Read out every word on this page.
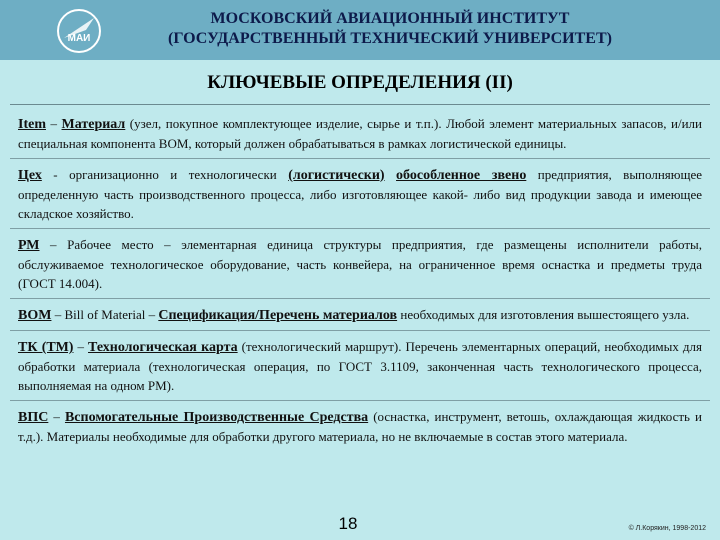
МАИ
МОСКОВСКИЙ АВИАЦИОННЫЙ ИНСТИТУТ
(ГОСУДАРСТВЕННЫЙ ТЕХНИЧЕСКИЙ УНИВЕРСИТЕТ)
КЛЮЧЕВЫЕ ОПРЕДЕЛЕНИЯ (II)
Item – Материал (узел, покупное комплектующее изделие, сырье и т.п.). Любой элемент материальных запасов, и/или специальная компонента BOM, который должен обрабатываться в рамках логистической единицы.
Цех - организационно и технологически (логистически) обособленное звено предприятия, выполняющее определенную часть производственного процесса, либо изготовляющее какой- либо вид продукции завода и имеющее складское хозяйство.
РМ – Рабочее место – элементарная единица структуры предприятия, где размещены исполнители работы, обслуживаемое технологическое оборудование, часть конвейера, на ограниченное время оснастка и предметы труда (ГОСТ 14.004).
BOM – Bill of Material – Спецификация/Перечень материалов необходимых для изготовления вышестоящего узла.
ТК (ТМ) – Технологическая карта (технологический маршрут). Перечень элементарных операций, необходимых для обработки материала (технологическая операция, по ГОСТ 3.1109, законченная часть технологического процесса, выполняемая на одном РМ).
ВПС – Вспомогательные Производственные Средства (оснастка, инструмент, ветошь, охлаждающая жидкость и т.д.). Материалы необходимые для обработки другого материала, но не включаемые в состав этого материала.
18	© Л.Корякин, 1998-2012
